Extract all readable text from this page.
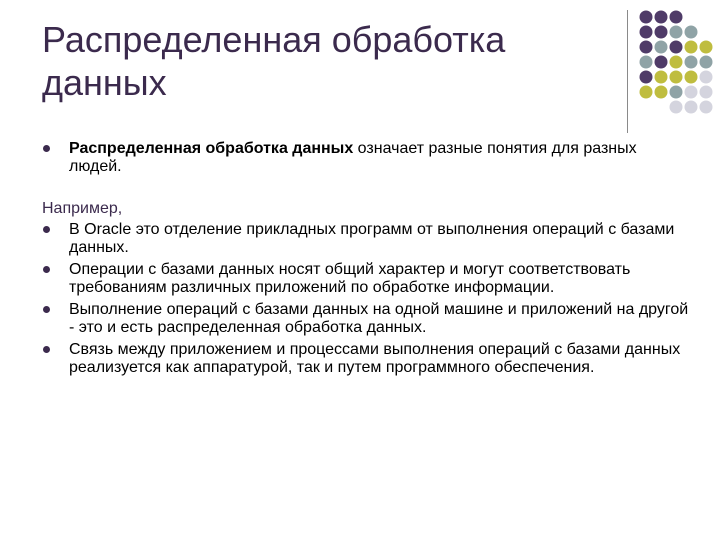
Распределенная обработка
данных
Распределенная обработка данных означает разные понятия для разных людей.
Например,
В Oracle это отделение прикладных программ от выполнения операций с базами данных.
Операции с базами данных носят общий характер и могут соответствовать требованиям различных приложений по обработке информации.
Выполнение операций с базами данных на одной машине и приложений на другой - это и есть распределенная обработка данных.
Связь между приложением и процессами выполнения операций с базами данных реализуется как аппаратурой, так и путем программного обеспечения.
